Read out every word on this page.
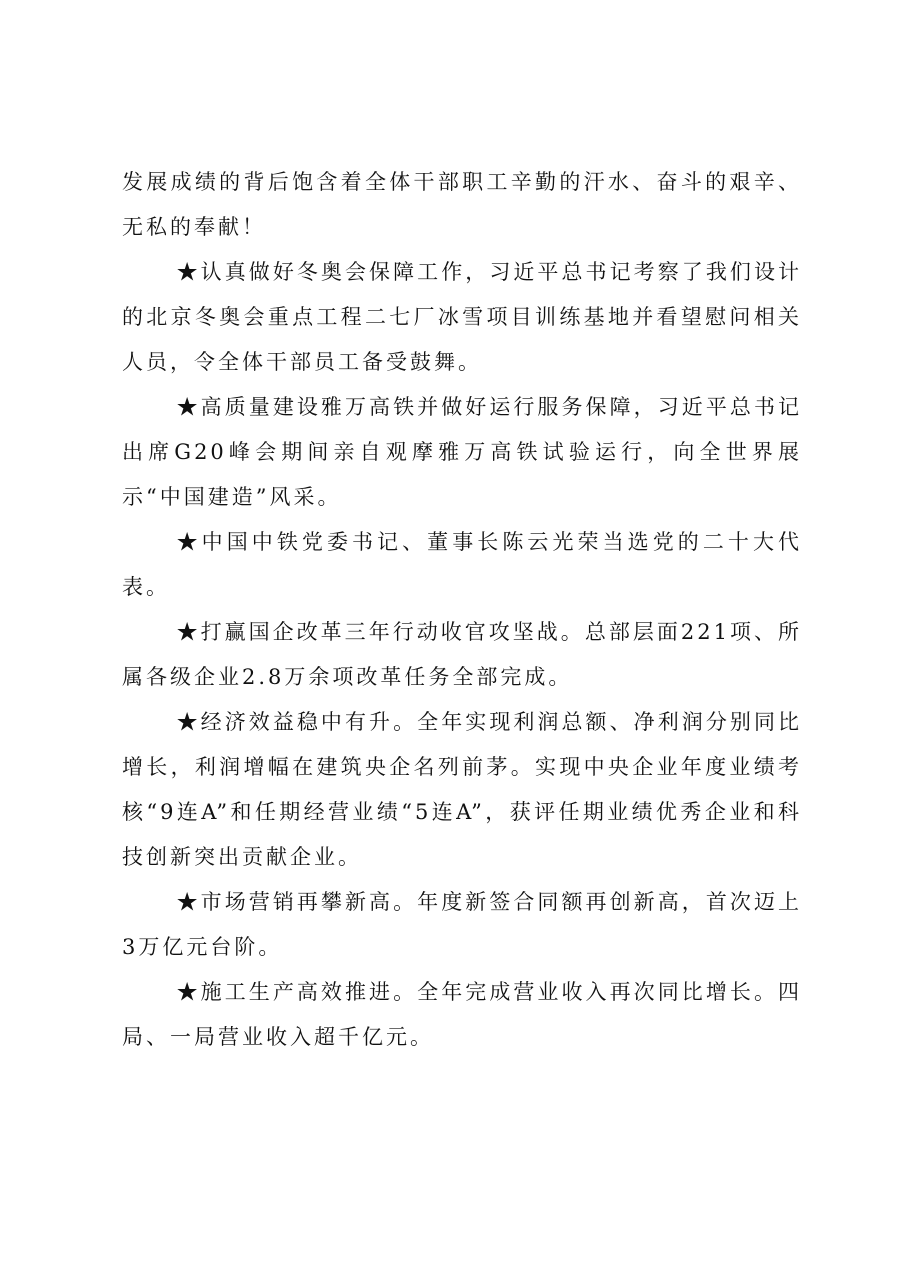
发展成绩的背后饱含着全体干部职工辛勤的汗水、奋斗的艰辛、无私的奉献！

★认真做好冬奥会保障工作，习近平总书记考察了我们设计的北京冬奥会重点工程二七厂冰雪项目训练基地并看望慰问相关人员，令全体干部员工备受鼓舞。

★高质量建设雅万高铁并做好运行服务保障，习近平总书记出席G20峰会期间亲自观摩雅万高铁试验运行，向全世界展示“中国建造”风采。

★中国中铁党委书记、董事长陈云光荣当选党的二十大代表。

★打赢国企改革三年行动收官攻坚战。总部层面221项、所属各级企业2.8万余项改革任务全部完成。

★经济效益稳中有升。全年实现利润总额、净利润分别同比增长，利润增幅在建筑央企名列前茅。实现中央企业年度业绩考核“9连A”和任期经营业绩“5连A”，获评任期业绩优秀企业和科技创新突出贡献企业。

★市场营销再攀新高。年度新签合同额再创新高，首次迈上3万亿元台阶。

★施工生产高效推进。全年完成营业收入再次同比增长。四局、一局营业收入超千亿元。
